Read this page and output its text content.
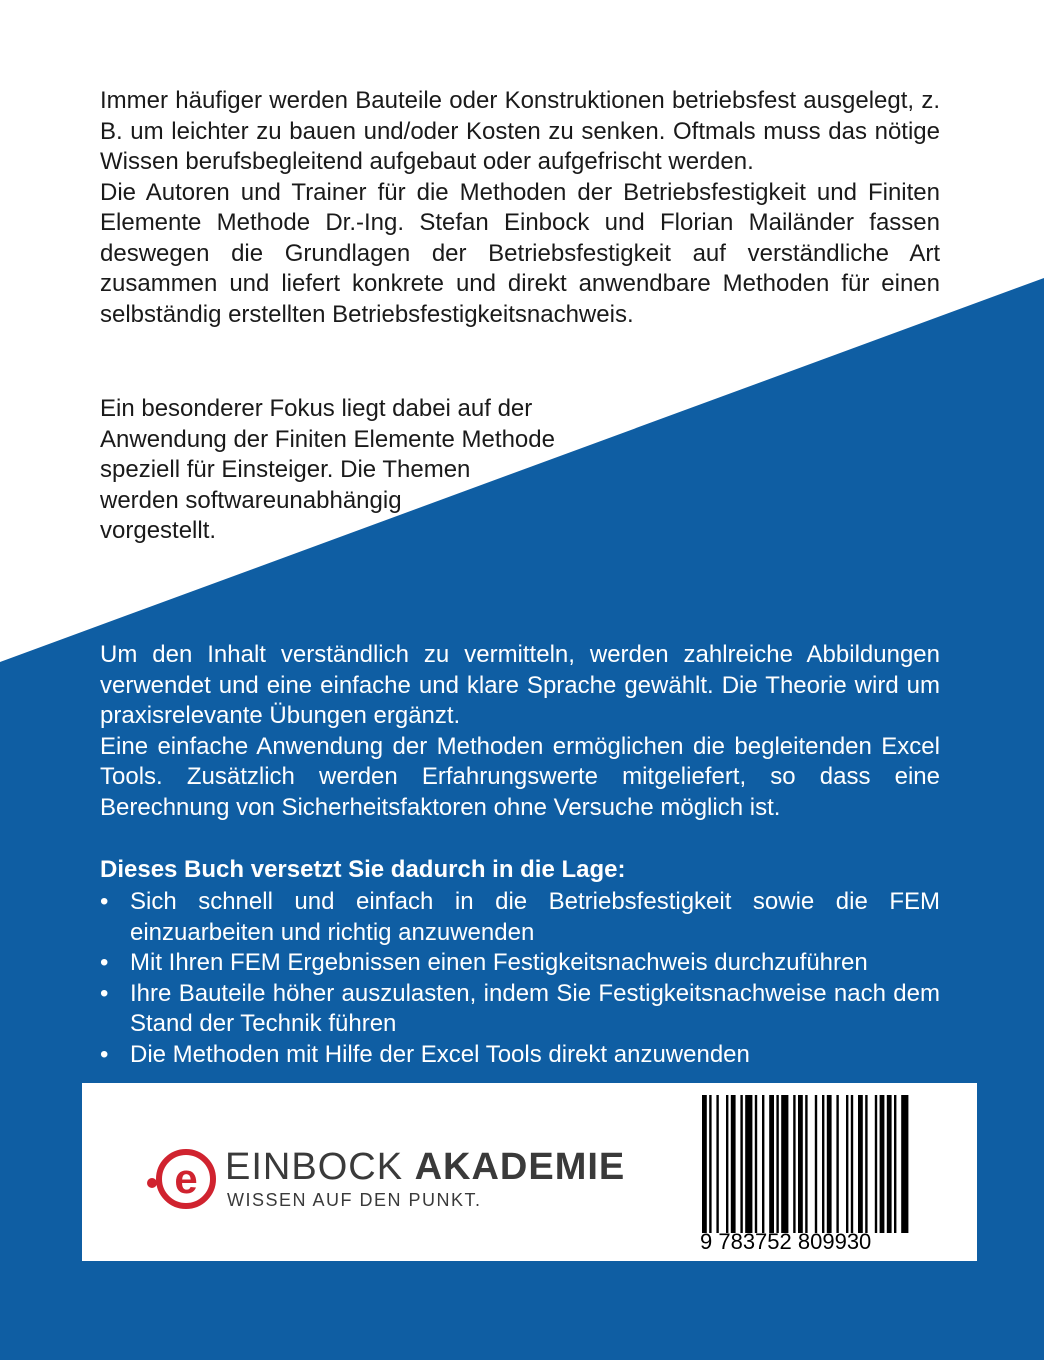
Immer häufiger werden Bauteile oder Konstruktionen betriebsfest ausgelegt, z. B. um leichter zu bauen und/oder Kosten zu senken. Oftmals muss das nötige Wissen berufsbegleitend aufgebaut oder aufgefrischt werden.

Die Autoren und Trainer für die Methoden der Betriebsfestigkeit und Finiten Elemente Methode Dr.-Ing. Stefan Einbock und Florian Mailänder fassen deswegen die Grundlagen der Betriebsfestigkeit auf verständliche Art zusammen und liefert konkrete und direkt anwendbare Methoden für einen selbständig erstellten Betriebsfestigkeitsnachweis.

Ein besonderer Fokus liegt dabei auf der
Anwendung der Finiten Elemente Methode
speziell für Einsteiger. Die Themen
werden softwareunabhängig
vorgestellt.

Um den Inhalt verständlich zu vermitteln, werden zahlreiche Abbildungen verwendet und eine einfache und klare Sprache gewählt. Die Theorie wird um praxisrelevante Übungen ergänzt.

Eine einfache Anwendung der Methoden ermöglichen die begleitenden Excel Tools. Zusätzlich werden Erfahrungswerte mitgeliefert, so dass eine Berechnung von Sicherheitsfaktoren ohne Versuche möglich ist.

Dieses Buch versetzt Sie dadurch in die Lage:

• Sich schnell und einfach in die Betriebsfestigkeit sowie die FEM einzuarbeiten und richtig anzuwenden
• Mit Ihren FEM Ergebnissen einen Festigkeitsnachweis durchzuführen
• Ihre Bauteile höher auszulasten, indem Sie Festigkeitsnachweise nach dem Stand der Technik führen
• Die Methoden mit Hilfe der Excel Tools direkt anzuwenden
e EINBOCK AKADEMIE
WISSEN AUF DEN PUNKT.
9 783752 809930
